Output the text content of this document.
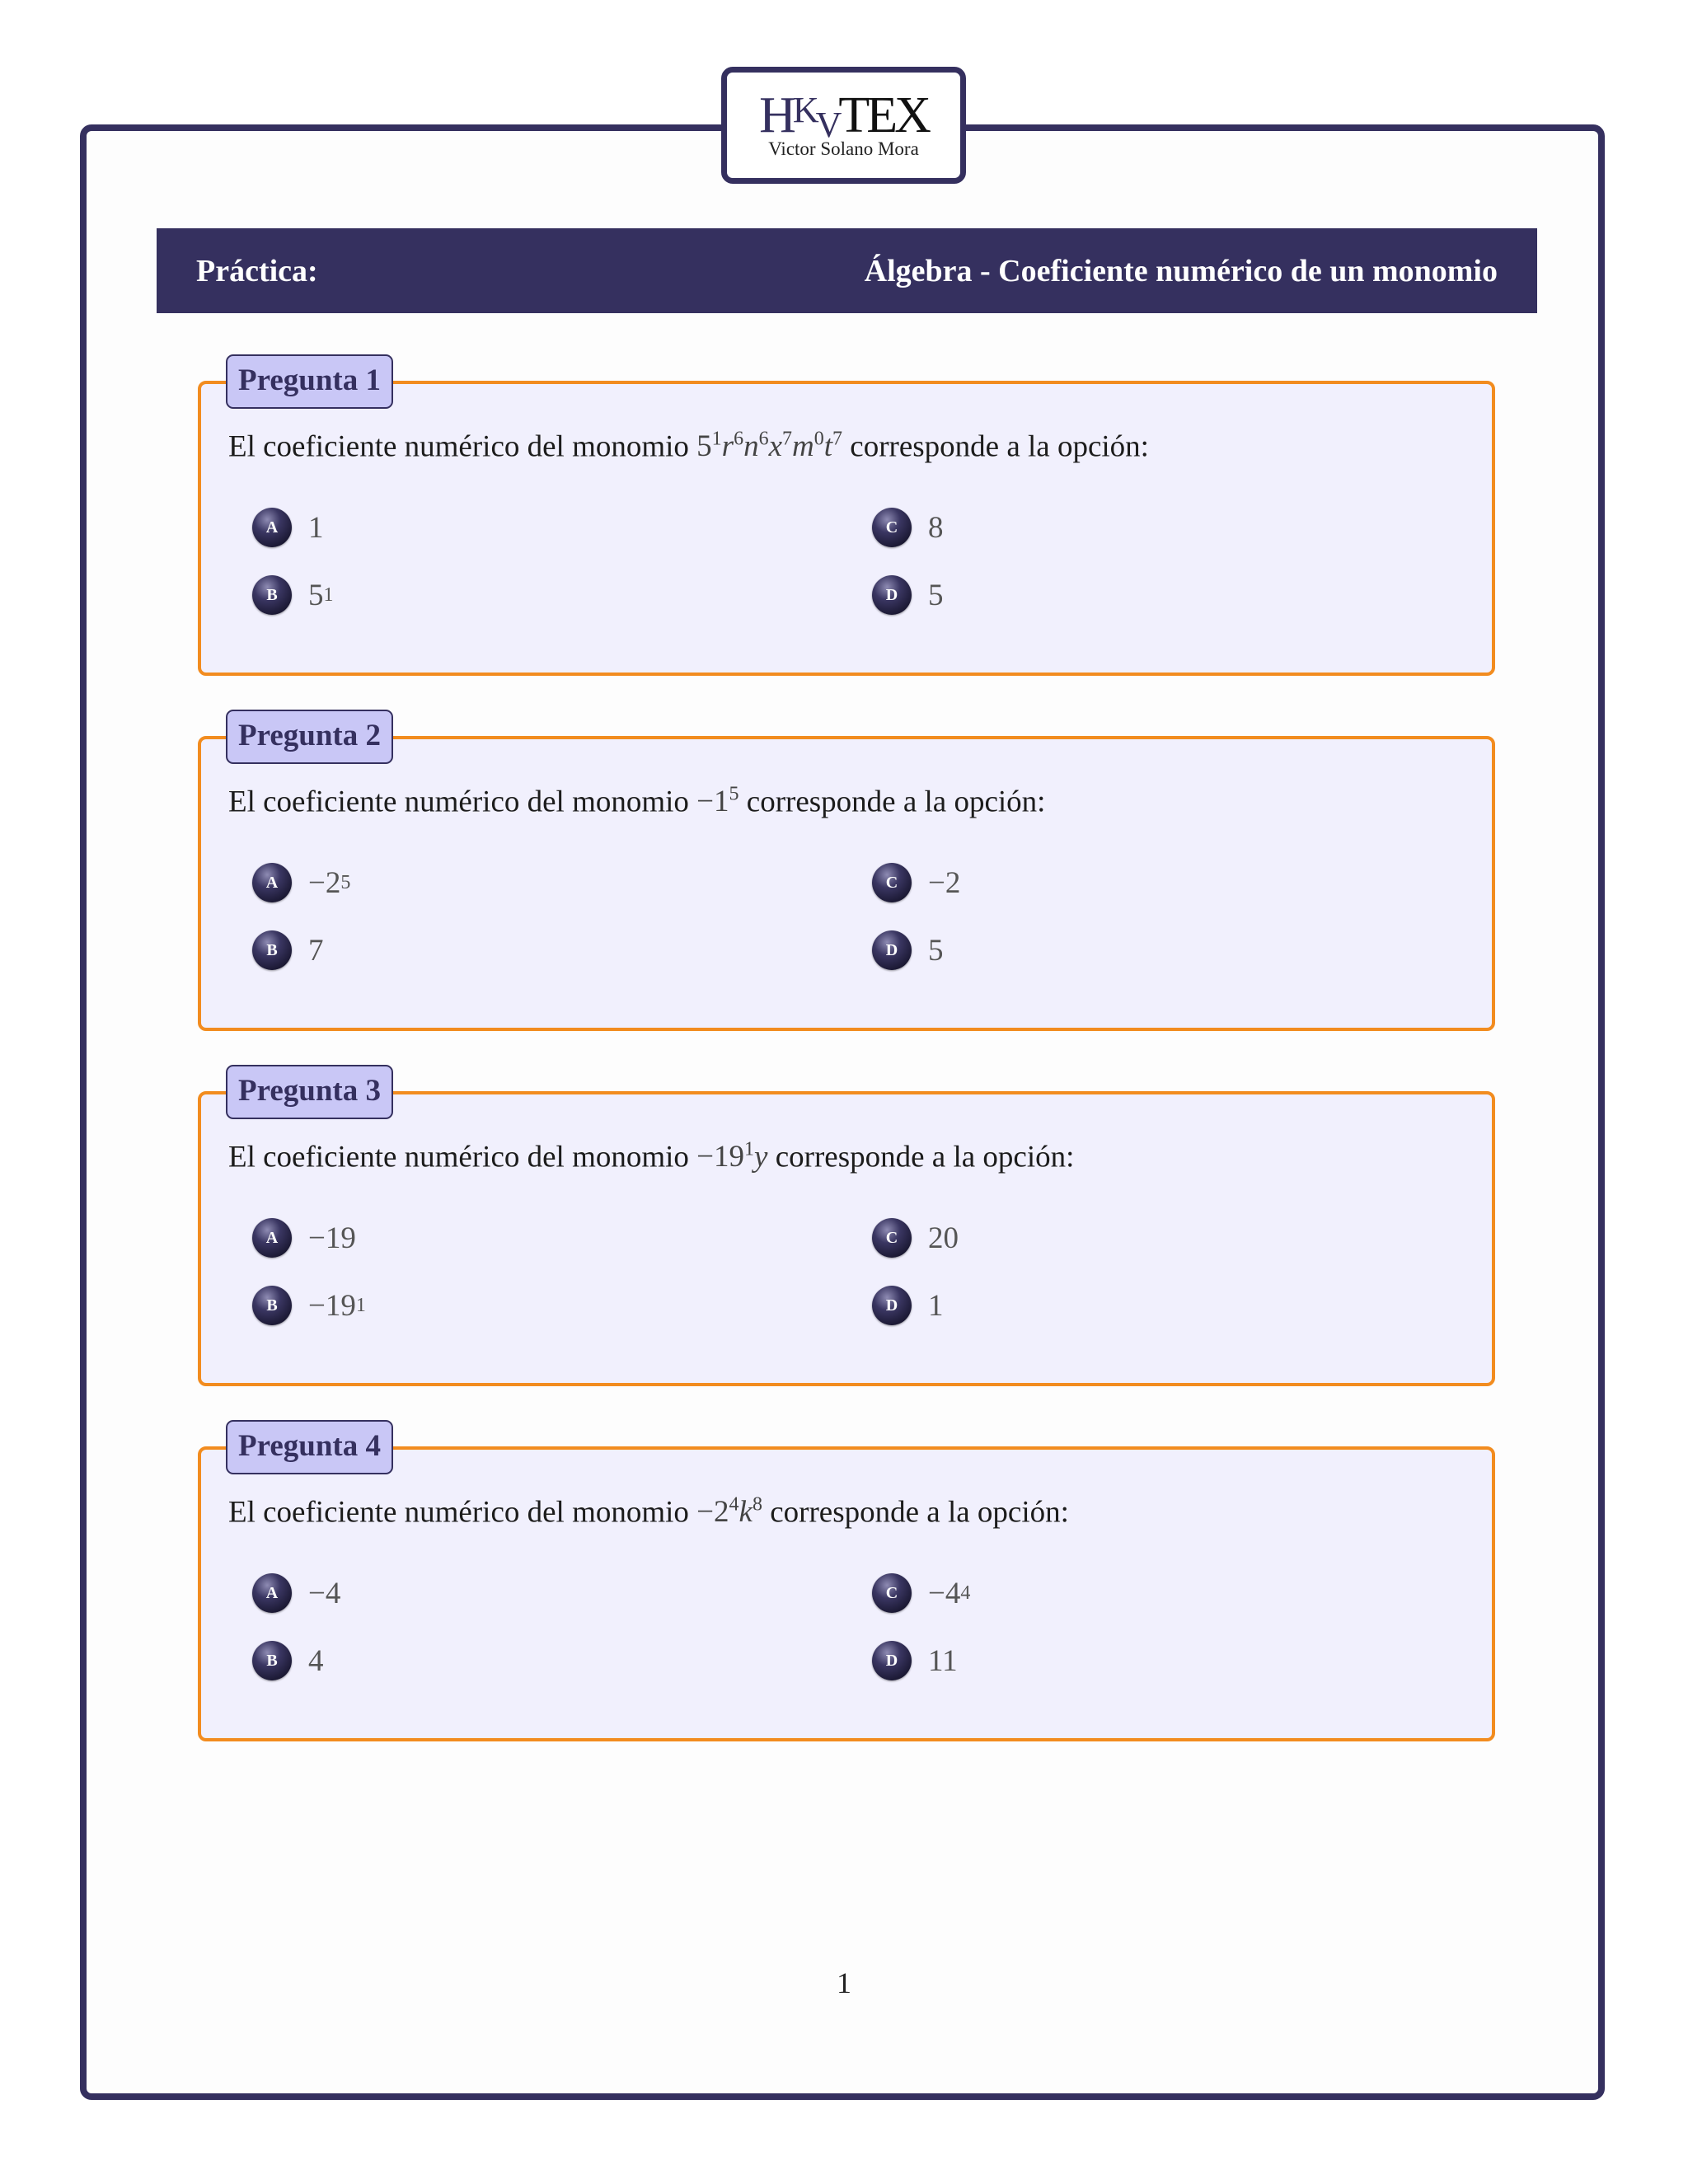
HKVTEX
Victor Solano Mora
Práctica:	Álgebra - Coeficiente numérico de un monomio
Pregunta 1
El coeficiente numérico del monomio $5^1r^6n^6x^7m^0t^7$ corresponde a la opción:
A 1
B	5 1
C 8
D 5
Pregunta 2
El coeficiente numérico del monomio $-1^5$ corresponde a la opción:
A −2 5
B	7
C −2
D 5
Pregunta 3
El coeficiente numérico del monomio $-19^1y$ corresponde a la opción:
A −19
B	−19 1
C 20
D 1
Pregunta 4
El coeficiente numérico del monomio $-2^4k^8$ corresponde a la opción:
A −4
B	4
C −4 4
D 11
1
